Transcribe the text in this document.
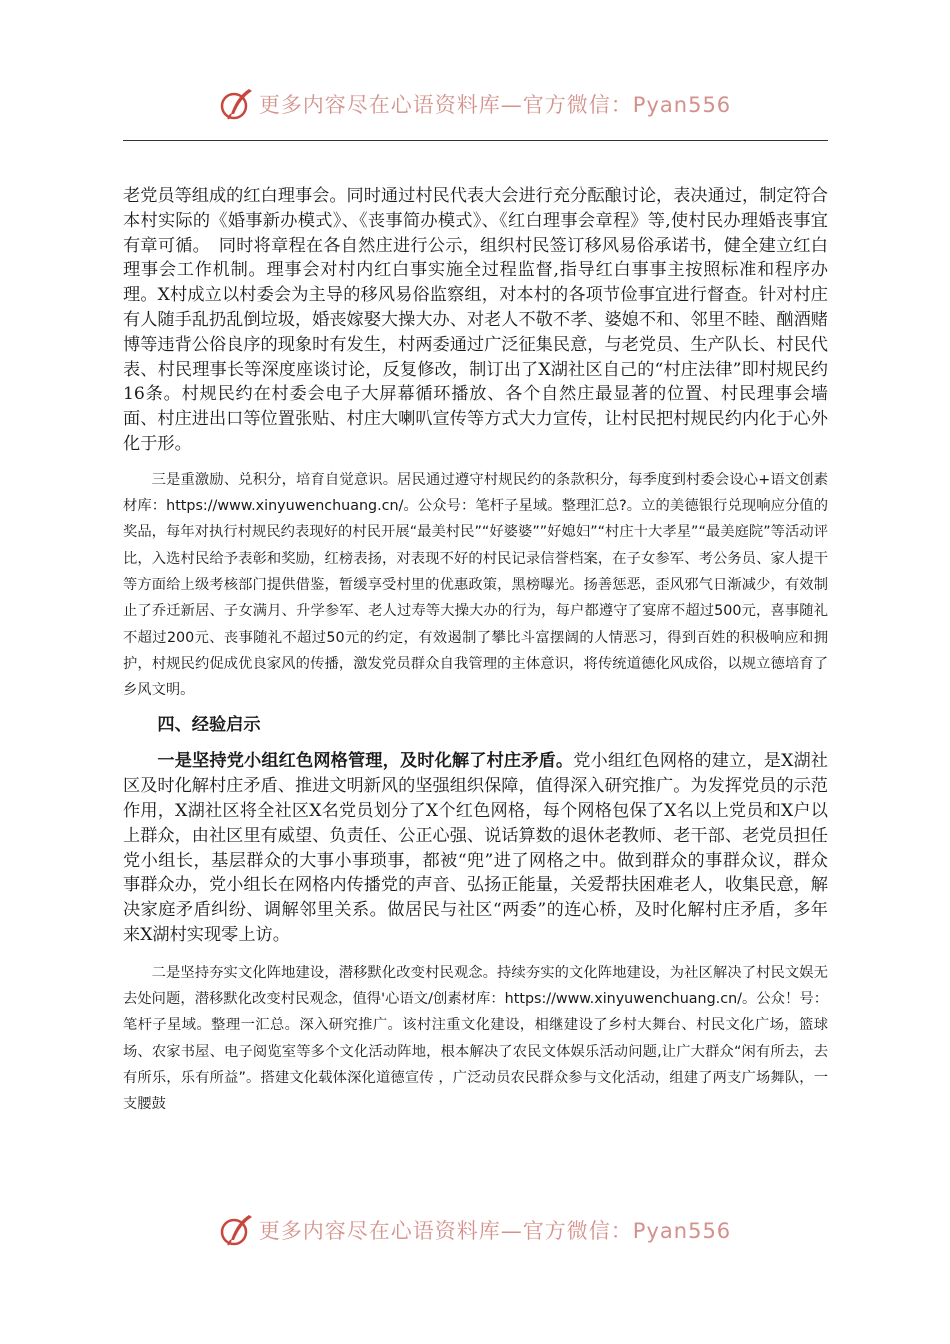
更多内容尽在心语资料库—官方微信：Pyan556

老党员等组成的红白理事会。同时通过村民代表大会进行充分酝酿讨论，表决通过，制定符合本村实际的《婚事新办模式》、《丧事简办模式》、《红白理事会章程》等,使村民办理婚丧事宜有章可循。　同时将章程在各自然庄进行公示，组织村民签订移风易俗承诺书，健全建立红白理事会工作机制。理事会对村内红白事实施全过程监督,指导红白事事主按照标准和程序办理。X村成立以村委会为主导的移风易俗监察组，对本村的各项节俭事宜进行督查。针对村庄有人随手乱扔乱倒垃圾，婚丧嫁娶大操大办、对老人不敬不孝、婆媳不和、邻里不睦、酗酒赌博等违背公俗良序的现象时有发生，村两委通过广泛征集民意，与老党员、生产队长、村民代表、村民理事长等深度座谈讨论，反复修改，制订出了X湖社区自己的“村庄法律”即村规民约16条。村规民约在村委会电子大屏幕循环播放、各个自然庄最显著的位置、村民理事会墙面、村庄进出口等位置张贴、村庄大喇叭宣传等方式大力宣传，让村民把村规民约内化于心外化于形。

三是重激励、兑积分，培育自觉意识。居民通过遵守村规民约的条款积分，每季度到村委会设心+语文创素材库：https://www.xinyuwenchuang.cn/。公众号：笔杆子星域。整理汇总?。立的美德银行兑现响应分值的奖品，每年对执行村规民约表现好的村民开展“最美村民”“好婆婆””好媳妇”“村庄十大孝星”“最美庭院”等活动评比，入选村民给予表彰和奖励，红榜表扬，对表现不好的村民记录信誉档案，在子女参军、考公务员、家人提干等方面给上级考核部门提供借鉴，暂缓享受村里的优惠政策，黑榜曝光。扬善惩恶，歪风邪气日渐减少，有效制止了乔迁新居、子女满月、升学参军、老人过寿等大操大办的行为，每户都遵守了宴席不超过500元，喜事随礼不超过200元、丧事随礼不超过50元的约定，有效遏制了攀比斗富摆阔的人情恶习，得到百姓的积极响应和拥护，村规民约促成优良家风的传播，激发党员群众自我管理的主体意识，将传统道德化风成俗，以规立德培育了乡风文明。

四、经验启示

一是坚持党小组红色网格管理，及时化解了村庄矛盾。党小组红色网格的建立，是X湖社区及时化解村庄矛盾、推进文明新风的坚强组织保障，值得深入研究推广。为发挥党员的示范作用，X湖社区将全社区X名党员划分了X个红色网格，每个网格包保了X名以上党员和X户以上群众，由社区里有威望、负责任、公正心强、说话算数的退休老教师、老干部、老党员担任党小组长，基层群众的大事小事琐事，都被“兜”进了网格之中。做到群众的事群众议，群众事群众办，党小组长在网格内传播党的声音、弘扬正能量，关爱帮扶困难老人，收集民意，解决家庭矛盾纠纷、调解邻里关系。做居民与社区“两委”的连心桥，及时化解村庄矛盾，多年来X湖村实现零上访。

二是坚持夯实文化阵地建设，潜移默化改变村民观念。持续夯实的文化阵地建设，为社区解决了村民文娱无去处问题，潜移默化改变村民观念，值得'心语文/创素材库：https://www.xinyuwenchuang.cn/。公众！号：笔杆子星域。整理一汇总。深入研究推广。该村注重文化建设，相继建设了乡村大舞台、村民文化广场，篮球场、农家书屋、电子阅览室等多个文化活动阵地，根本解决了农民文体娱乐活动问题,让广大群众“闲有所去，去有所乐，乐有所益”。搭建文化载体深化道德宣传 ，广泛动员农民群众参与文化活动，组建了两支广场舞队，一支腰鼓

更多内容尽在心语资料库—官方微信：Pyan556
